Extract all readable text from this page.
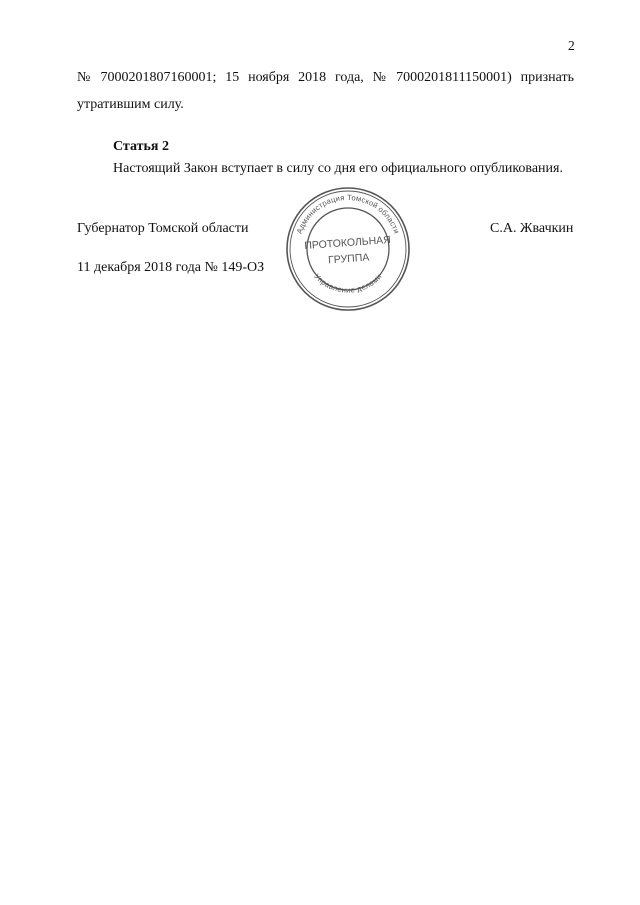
2
№ 7000201807160001; 15 ноября 2018 года, № 7000201811150001) признать
утратившим силу.
Статья 2
Настоящий Закон вступает в силу со дня его официального опубликования.
Губернатор Томской области	С.А. Жвачкин
11 декабря 2018 года № 149-ОЗ
Администрация Томской области
Управление делами
ПРОТОКОЛЬНАЯ
ГРУППА
